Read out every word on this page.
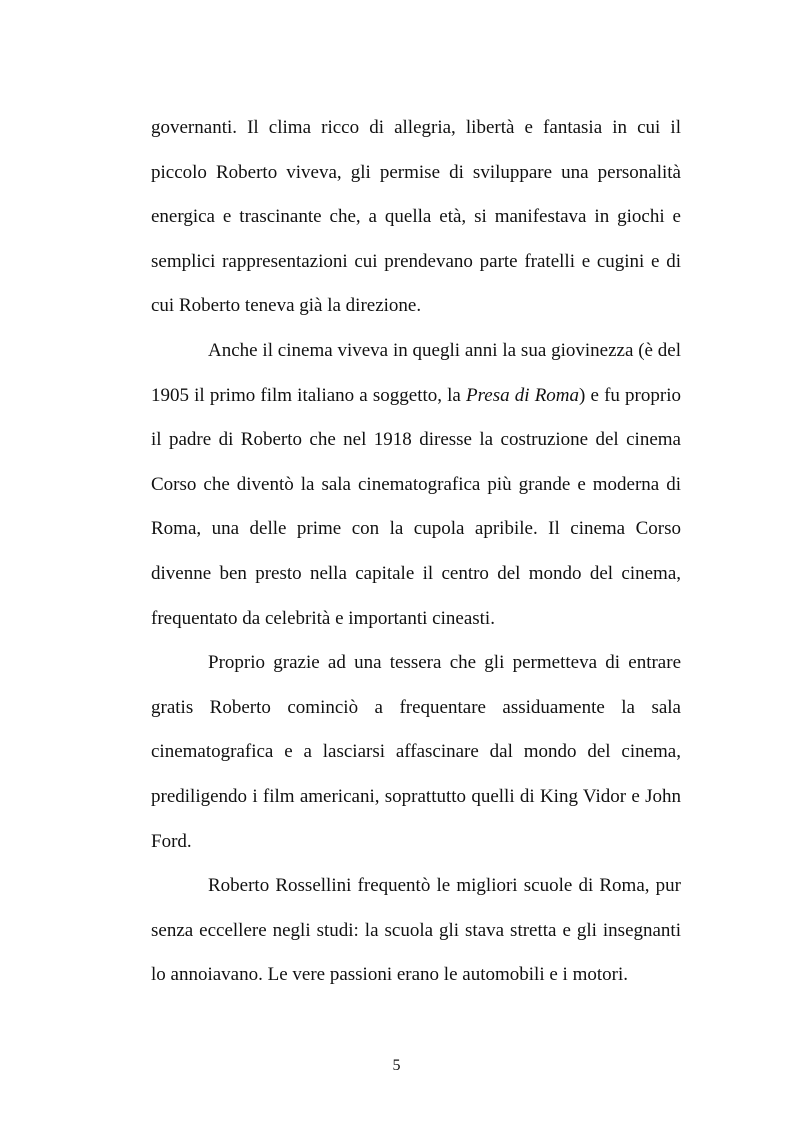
governanti. Il clima ricco di allegria, libertà e fantasia in cui il piccolo Roberto viveva, gli permise di sviluppare una personalità energica e trascinante che, a quella età, si manifestava in giochi e semplici rappresentazioni cui prendevano parte fratelli e cugini e di cui Roberto teneva già la direzione.

Anche il cinema viveva in quegli anni la sua giovinezza (è del 1905 il primo film italiano a soggetto, la Presa di Roma) e fu proprio il padre di Roberto che nel 1918 diresse la costruzione del cinema Corso che diventò la sala cinematografica più grande e moderna di Roma, una delle prime con la cupola apribile. Il cinema Corso divenne ben presto nella capitale il centro del mondo del cinema, frequentato da celebrità e importanti cineasti.

Proprio grazie ad una tessera che gli permetteva di entrare gratis Roberto cominciò a frequentare assiduamente la sala cinematografica e a lasciarsi affascinare dal mondo del cinema, prediligendo i film americani, soprattutto quelli di King Vidor e John Ford.

Roberto Rossellini frequentò le migliori scuole di Roma, pur senza eccellere negli studi: la scuola gli stava stretta e gli insegnanti lo annoiavano. Le vere passioni erano le automobili e i motori.

5
